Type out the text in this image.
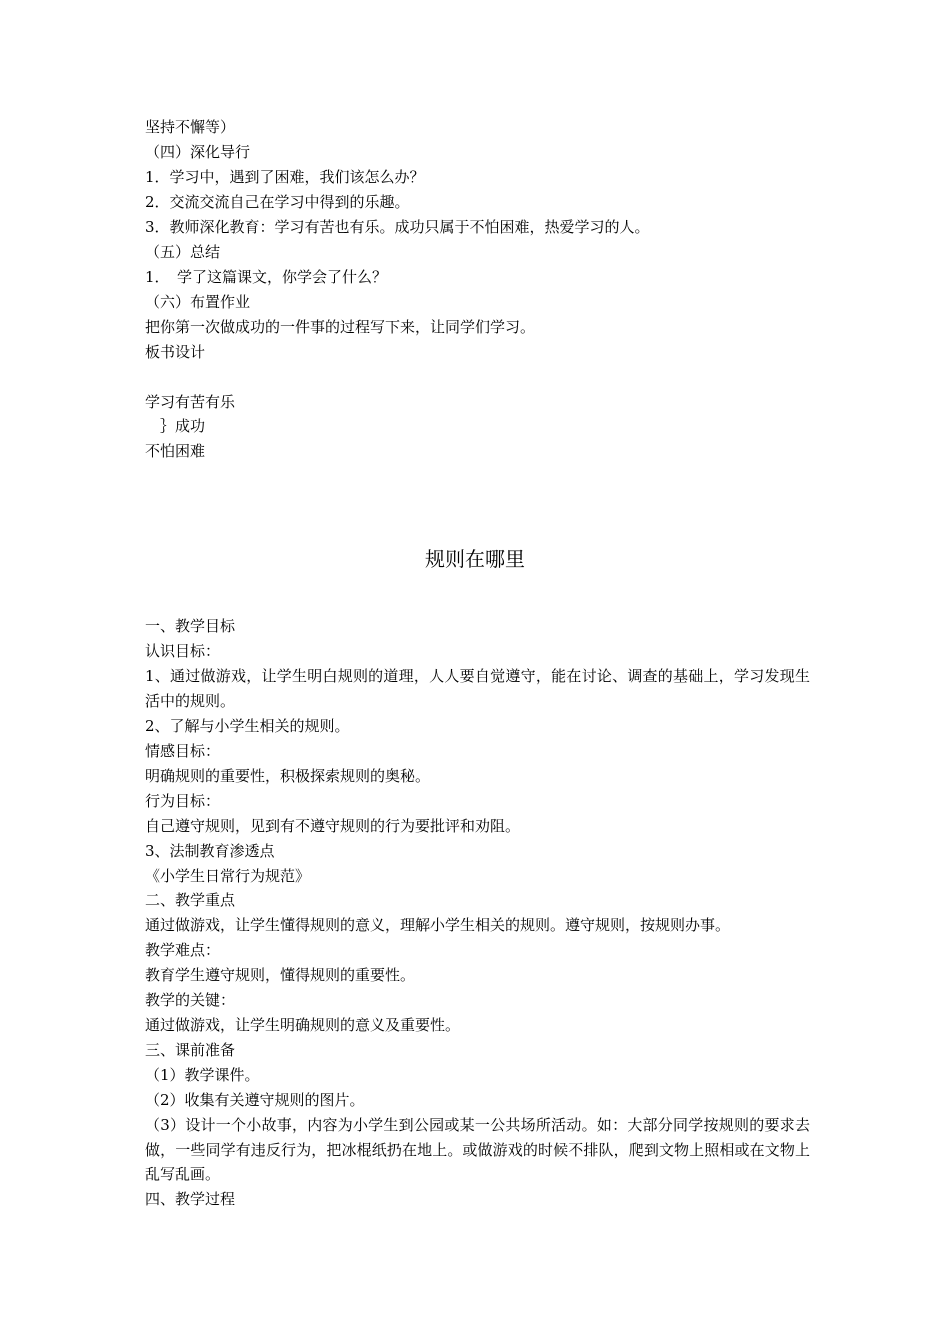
坚持不懈等）
（四）深化导行
1．学习中，遇到了困难，我们该怎么办？
2．交流交流自己在学习中得到的乐趣。
3．教师深化教育：学习有苦也有乐。成功只属于不怕困难，热爱学习的人。
（五）总结
1．　学了这篇课文，你学会了什么？
（六）布置作业
把你第一次做成功的一件事的过程写下来，让同学们学习。
板书设计
学习有苦有乐
｝成功
不怕困难
规则在哪里
一、教学目标
认识目标：
1、通过做游戏，让学生明白规则的道理，人人要自觉遵守，能在讨论、调查的基础上，学习发现生活中的规则。
2、了解与小学生相关的规则。
情感目标：
明确规则的重要性，积极探索规则的奥秘。
行为目标：
自己遵守规则，见到有不遵守规则的行为要批评和劝阻。
3、法制教育渗透点
《小学生日常行为规范》
二、教学重点
通过做游戏，让学生懂得规则的意义，理解小学生相关的规则。遵守规则，按规则办事。
教学难点：
教育学生遵守规则，懂得规则的重要性。
教学的关键：
通过做游戏，让学生明确规则的意义及重要性。
三、课前准备
（1）教学课件。
（2）收集有关遵守规则的图片。
（3）设计一个小故事，内容为小学生到公园或某一公共场所活动。如：大部分同学按规则的要求去做，一些同学有违反行为，把冰棍纸扔在地上。或做游戏的时候不排队，爬到文物上照相或在文物上乱写乱画。
四、教学过程
